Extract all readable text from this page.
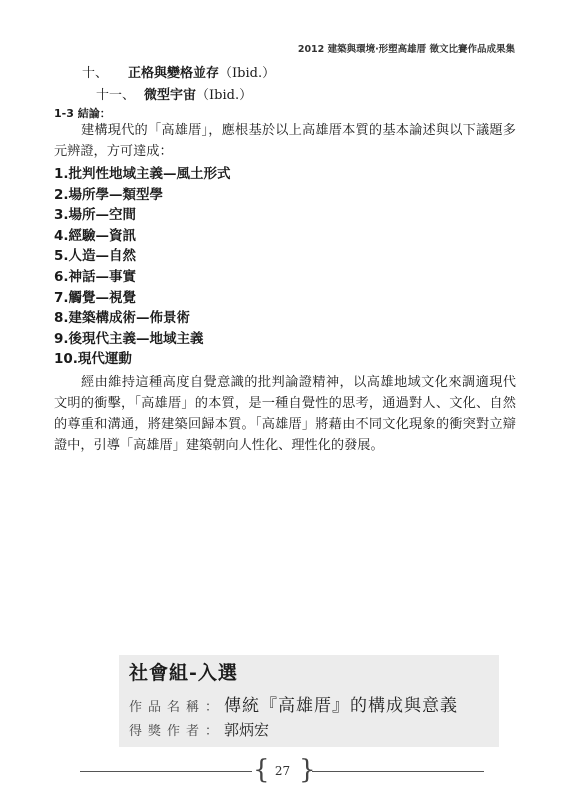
2012 建築與環境·形塑高雄厝 徵文比賽作品成果集
十、 正格與變格並存（Ibid.）
十一、 微型宇宙（Ibid.）
1-3 結論：
建構現代的「高雄厝」，應根基於以上高雄厝本質的基本論述與以下議題多元辨證，方可達成：
1.批判性地域主義—風土形式
2.場所學—類型學
3.場所—空間
4.經驗—資訊
5.人造—自然
6.神話—事實
7.觸覺—視覺
8.建築構成術—佈景術
9.後現代主義—地域主義
10.現代運動
經由維持這種高度自覺意識的批判論證精神，以高雄地域文化來調適現代文明的衝擊，「高雄厝」的本質，是一種自覺性的思考，通過對人、文化、自然的尊重和溝通，將建築回歸本質。「高雄厝」將藉由不同文化現象的衝突對立辯證中，引導「高雄厝」建築朝向人性化、理性化的發展。
社會組-入選
作品名稱：傳統『高雄厝』的構成與意義
得獎作者：郭炳宏
{ }
27
